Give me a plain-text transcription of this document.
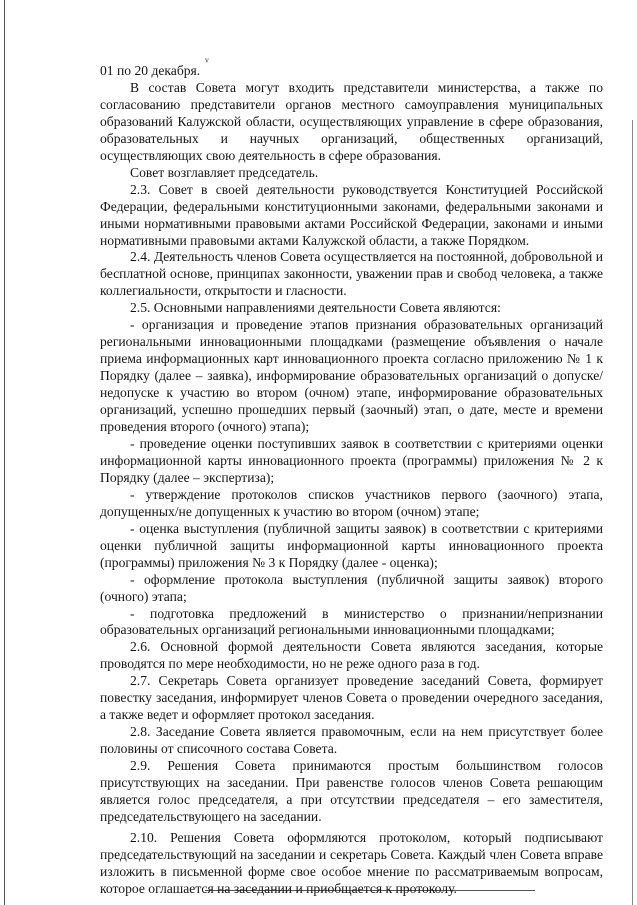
ᵛ

01 по 20 декабря.

В состав Совета могут входить представители министерства, а также по согласованию представители органов местного самоуправления муниципальных образований Калужской области, осуществляющих управление в сфере образования, образовательных и научных организаций, общественных организаций, осуществляющих свою деятельность в сфере образования.

Совет возглавляет председатель.

2.3. Совет в своей деятельности руководствуется Конституцией Российской Федерации, федеральными конституционными законами, федеральными законами и иными нормативными правовыми актами Российской Федерации, законами и иными нормативными правовыми актами Калужской области, а также Порядком.

2.4. Деятельность членов Совета осуществляется на постоянной, добровольной и бесплатной основе, принципах законности, уважении прав и свобод человека, а также коллегиальности, открытости и гласности.

2.5. Основными направлениями деятельности Совета являются:

- организация и проведение этапов признания образовательных организаций региональными инновационными площадками (размещение объявления о начале приема информационных карт инновационного проекта согласно приложению № 1 к Порядку (далее – заявка), информирование образовательных организаций о допуске/недопуске к участию во втором (очном) этапе, информирование образовательных организаций, успешно прошедших первый (заочный) этап, о дате, месте и времени проведения второго (очного) этапа);

- проведение оценки поступивших заявок в соответствии с критериями оценки информационной карты инновационного проекта (программы) приложения № 2 к Порядку (далее – экспертиза);

- утверждение протоколов списков участников первого (заочного) этапа, допущенных/не допущенных к участию во втором (очном) этапе;

- оценка выступления (публичной защиты заявок) в соответствии с критериями оценки публичной защиты информационной карты инновационного проекта (программы) приложения № 3 к Порядку (далее - оценка);

- оформление протокола выступления (публичной защиты заявок) второго (очного) этапа;

- подготовка предложений в министерство о признании/непризнании образовательных организаций региональными инновационными площадками;

2.6. Основной формой деятельности Совета являются заседания, которые проводятся по мере необходимости, но не реже одного раза в год.

2.7. Секретарь Совета организует проведение заседаний Совета, формирует повестку заседания, информирует членов Совета о проведении очередного заседания, а также ведет и оформляет протокол заседания.

2.8. Заседание Совета является правомочным, если на нем присутствует более половины от списочного состава Совета.

2.9. Решения Совета принимаются простым большинством голосов присутствующих на заседании. При равенстве голосов членов Совета решающим является голос председателя, а при отсутствии председателя – его заместителя, председательствующего на заседании.

2.10. Решения Совета оформляются протоколом, который подписывают председательствующий на заседании и секретарь Совета. Каждый член Совета вправе изложить в письменной форме свое особое мнение по рассматриваемым вопросам, которое оглашается на заседании и приобщается к протоколу.
